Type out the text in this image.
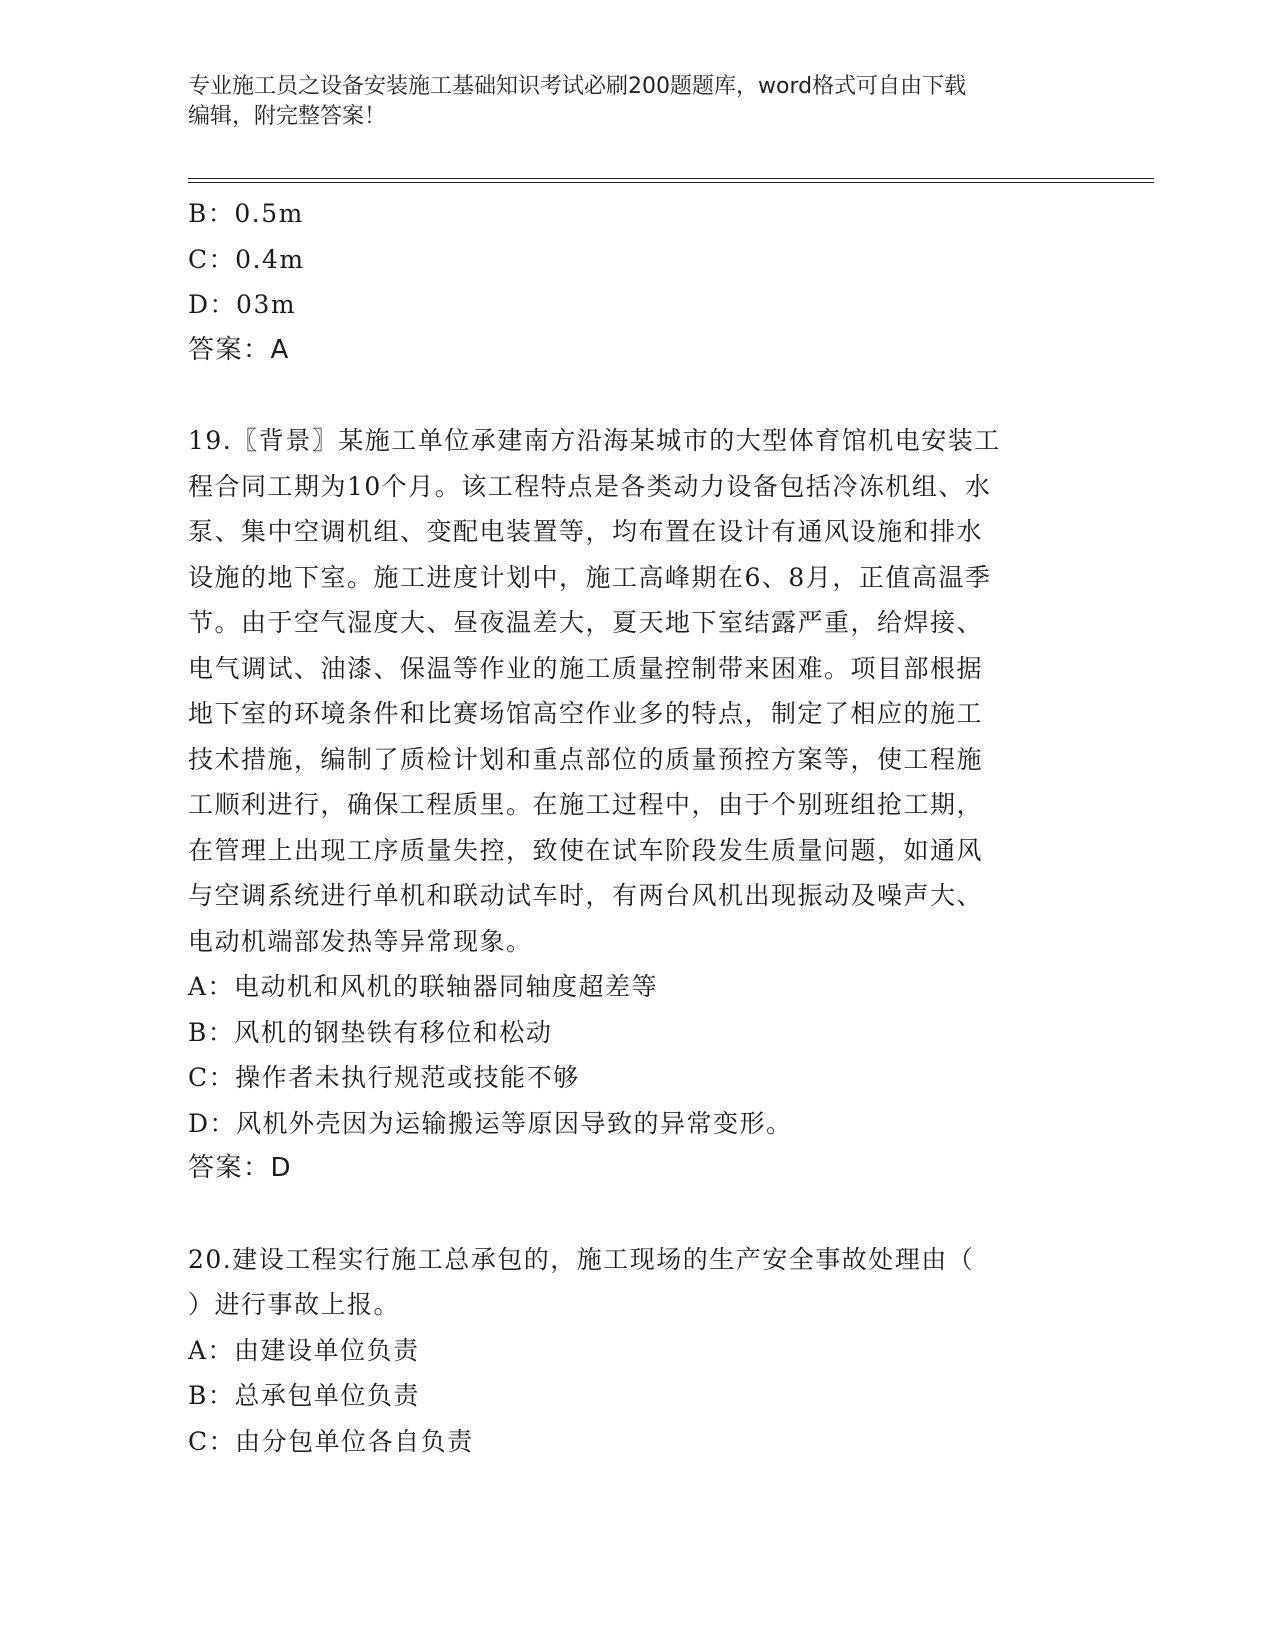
专业施工员之设备安装施工基础知识考试必刷200题题库，word格式可自由下载
编辑，附完整答案！
B：0.5m
C：0.4m
D：03m
答案：A
19.〖背景〗某施工单位承建南方沿海某城市的大型体育馆机电安装工
程合同工期为10个月。该工程特点是各类动力设备包括冷冻机组、水
泵、集中空调机组、变配电装置等，均布置在设计有通风设施和排水
设施的地下室。施工进度计划中，施工高峰期在6、8月，正值高温季
节。由于空气湿度大、昼夜温差大，夏天地下室结露严重，给焊接、
电气调试、油漆、保温等作业的施工质量控制带来困难。项目部根据
地下室的环境条件和比赛场馆高空作业多的特点，制定了相应的施工
技术措施，编制了质检计划和重点部位的质量预控方案等，使工程施
工顺利进行，确保工程质里。在施工过程中，由于个别班组抢工期，
在管理上出现工序质量失控，致使在试车阶段发生质量问题，如通风
与空调系统进行单机和联动试车时，有两台风机出现振动及噪声大、
电动机端部发热等异常现象。
A：电动机和风机的联轴器同轴度超差等
B：风机的钢垫铁有移位和松动
C：操作者未执行规范或技能不够
D：风机外壳因为运输搬运等原因导致的异常变形。
答案：D
20.建设工程实行施工总承包的，施工现场的生产安全事故处理由（
）进行事故上报。
A：由建设单位负责
B：总承包单位负责
C：由分包单位各自负责
